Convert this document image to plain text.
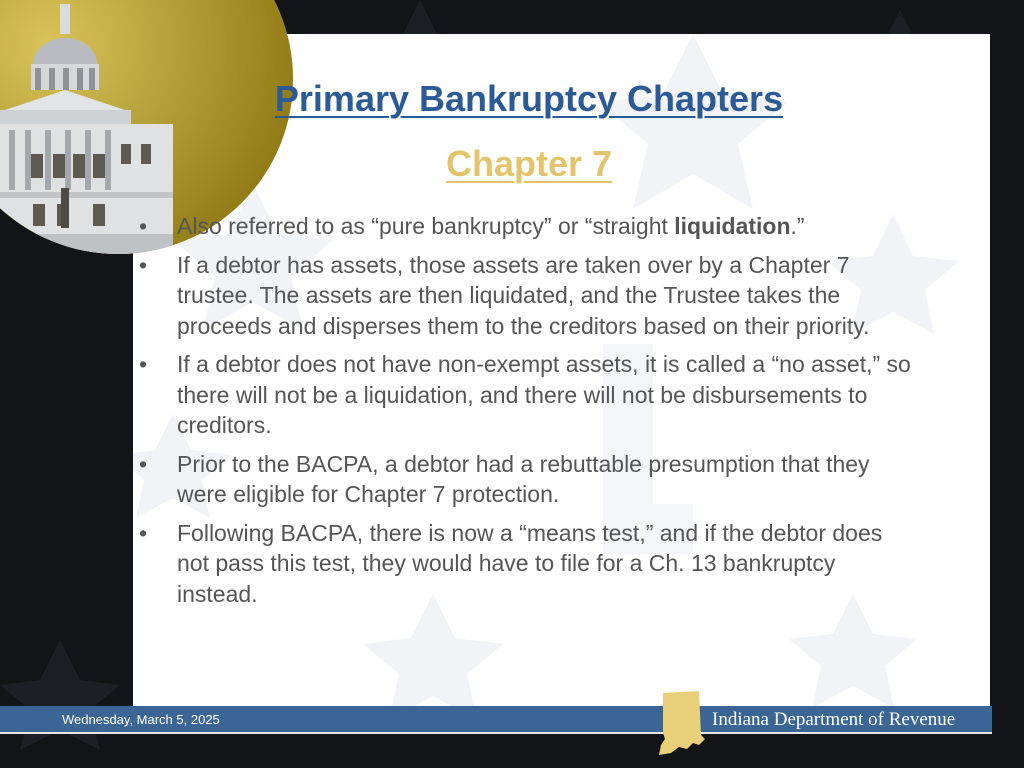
Primary Bankruptcy Chapters
Chapter 7
•	Also referred to as “pure bankruptcy” or “straight liquidation.”
•	If a debtor has assets, those assets are taken over by a Chapter 7 trustee. The assets are then liquidated, and the Trustee takes the proceeds and disperses them to the creditors based on their priority.
•	If a debtor does not have non-exempt assets, it is called a “no asset,” so there will not be a liquidation, and there will not be disbursements to creditors.
•	Prior to the BACPA, a debtor had a rebuttable presumption that they were eligible for Chapter 7 protection.
•	Following BACPA, there is now a “means test,” and if the debtor does not pass this test, they would have to file for a Ch. 13 bankruptcy instead.
Wednesday, March 5, 2025	Indiana Department of Revenue
